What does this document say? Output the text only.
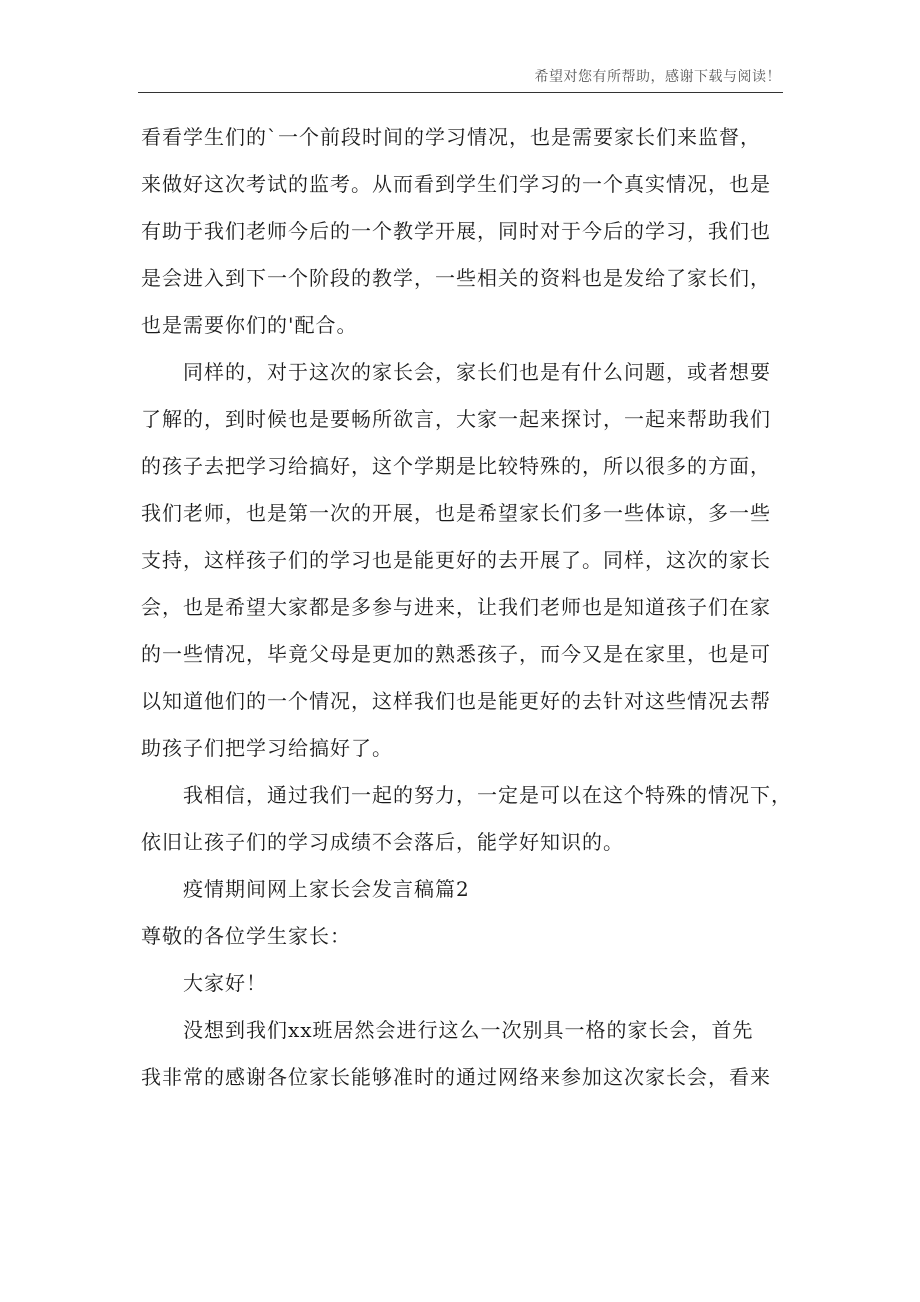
希望对您有所帮助，感谢下载与阅读！
看看学生们的`一个前段时间的学习情况，也是需要家长们来监督，
来做好这次考试的监考。从而看到学生们学习的一个真实情况，也是
有助于我们老师今后的一个教学开展，同时对于今后的学习，我们也
是会进入到下一个阶段的教学，一些相关的资料也是发给了家长们，
也是需要你们的'配合。
同样的，对于这次的家长会，家长们也是有什么问题，或者想要
了解的，到时候也是要畅所欲言，大家一起来探讨，一起来帮助我们
的孩子去把学习给搞好，这个学期是比较特殊的，所以很多的方面，
我们老师，也是第一次的开展，也是希望家长们多一些体谅，多一些
支持，这样孩子们的学习也是能更好的去开展了。同样，这次的家长
会，也是希望大家都是多参与进来，让我们老师也是知道孩子们在家
的一些情况，毕竟父母是更加的熟悉孩子，而今又是在家里，也是可
以知道他们的一个情况，这样我们也是能更好的去针对这些情况去帮
助孩子们把学习给搞好了。
我相信，通过我们一起的努力，一定是可以在这个特殊的情况下，
依旧让孩子们的学习成绩不会落后，能学好知识的。
疫情期间网上家长会发言稿篇2
尊敬的各位学生家长：
大家好！
没想到我们xx班居然会进行这么一次别具一格的家长会，首先
我非常的感谢各位家长能够准时的通过网络来参加这次家长会，看来
